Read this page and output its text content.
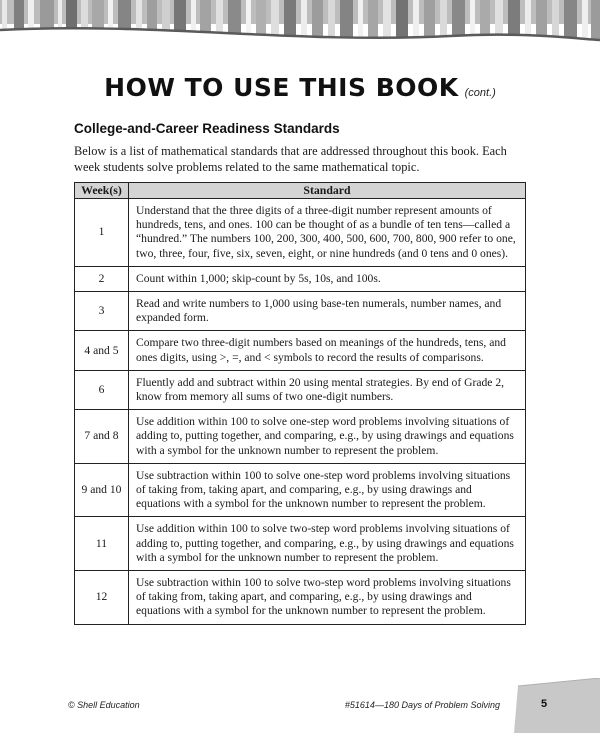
HOW TO USE THIS BOOK (cont.)
College-and-Career Readiness Standards

Below is a list of mathematical standards that are addressed throughout this book. Each week students solve problems related to the same mathematical topic.

Week(s)	Standard
1	Understand that the three digits of a three-digit number represent amounts of hundreds, tens, and ones. 100 can be thought of as a bundle of ten tens—called a “hundred.” The numbers 100, 200, 300, 400, 500, 600, 700, 800, 900 refer to one, two, three, four, five, six, seven, eight, or nine hundreds (and 0 tens and 0 ones).
2	Count within 1,000; skip-count by 5s, 10s, and 100s.
3	Read and write numbers to 1,000 using base-ten numerals, number names, and expanded form.
4 and 5	Compare two three-digit numbers based on meanings of the hundreds, tens, and ones digits, using >, =, and < symbols to record the results of comparisons.
6	Fluently add and subtract within 20 using mental strategies. By end of Grade 2, know from memory all sums of two one-digit numbers.
7 and 8	Use addition within 100 to solve one-step word problems involving situations of adding to, putting together, and comparing, e.g., by using drawings and equations with a symbol for the unknown number to represent the problem.
9 and 10	Use subtraction within 100 to solve one-step word problems involving situations of taking from, taking apart, and comparing, e.g., by using drawings and equations with a symbol for the unknown number to represent the problem.
11	Use addition within 100 to solve two-step word problems involving situations of adding to, putting together, and comparing, e.g., by using drawings and equations with a symbol for the unknown number to represent the problem.
12	Use subtraction within 100 to solve two-step word problems involving situations of taking from, taking apart, and comparing, e.g., by using drawings and equations with a symbol for the unknown number to represent the problem.
© Shell Education	#51614—180 Days of Problem Solving	5
